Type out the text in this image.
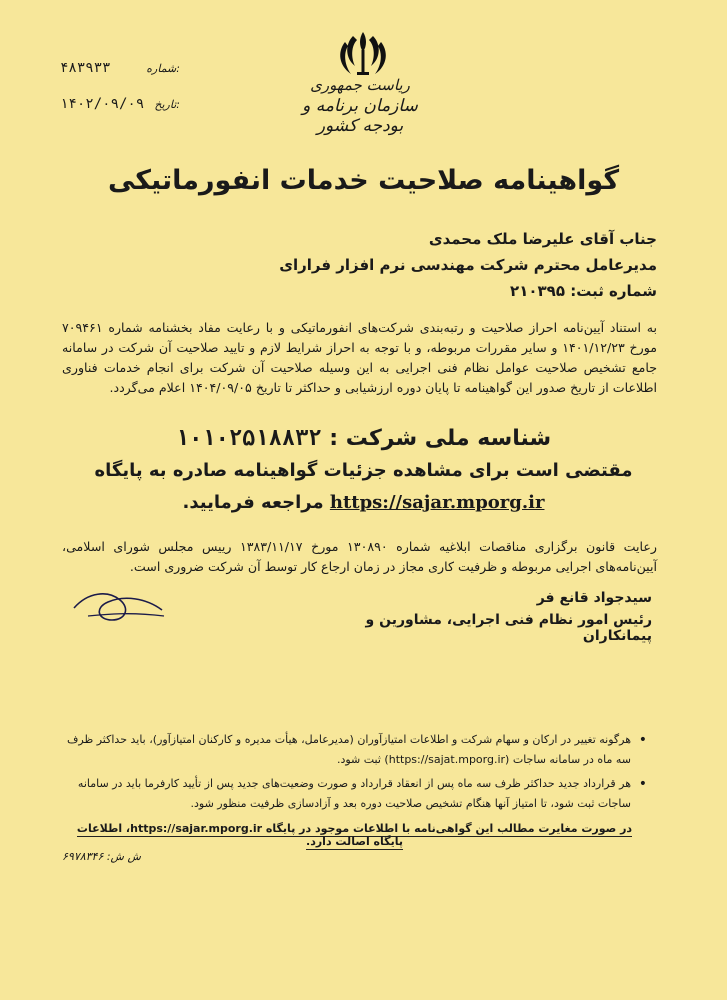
۴۸۳۹۳۳	شماره:
۱۴۰۲/۰۹/۰۹ تاریخ:
ریاست جمهوری
سازمان برنامه و بودجه کشور
گواهینامه صلاحیت خدمات انفورماتیکی
جناب آقای علیرضا ملک محمدی
مدیرعامل محترم شرکت مهندسی نرم افزار فرارای
شماره ثبت: ۲۱۰۳۹۵
به استناد آیین‌نامه احراز صلاحیت و رتبه‌بندی شرکت‌های انفورماتیکی و با رعایت مفاد بخشنامه شماره ۷۰۹۴۶۱ مورخ ۱۴۰۱/۱۲/۲۳ و سایر مقررات مربوطه، و با توجه به احراز شرایط لازم و تایید صلاحیت آن شرکت در سامانه جامع تشخیص صلاحیت عوامل نظام فنی اجرایی به این وسیله صلاحیت آن شرکت برای انجام خدمات فناوری اطلاعات از تاریخ صدور این گواهینامه تا پایان دوره ارزشیابی و حداکثر تا تاریخ ۱۴۰۴/۰۹/۰۵ اعلام می‌گردد.
شناسه ملی شرکت : ۱۰۱۰۲۵۱۸۸۳۲
مقتضی است برای مشاهده جزئیات گواهینامه صادره به پایگاه
https://sajar.mporg.ir مراجعه فرمایید.
رعایت قانون برگزاری مناقصات ابلاغیه شماره ۱۳۰۸۹۰ مورخ ۱۳۸۳/۱۱/۱۷ رییس مجلس شورای اسلامی، آیین‌نامه‌های اجرایی مربوطه و ظرفیت کاری مجاز در زمان ارجاع کار توسط آن شرکت ضروری است.
سیدجواد قانع فر
رئیس امور نظام فنی اجرایی، مشاورین و پیمانکاران
•
هرگونه تغییر در ارکان و سهام شرکت و اطلاعات امتیازآوران (مدیرعامل، هیأت مدیره و کارکنان امتیازآور)، باید حداکثر ظرف سه ماه در سامانه ساجات (https://sajat.mporg.ir) ثبت شود.
•
هر قرارداد جدید حداکثر ظرف سه ماه پس از انعقاد قرارداد و صورت وضعیت‌های جدید پس از تأیید کارفرما باید در سامانه ساجات ثبت شود، تا امتیاز آنها هنگام تشخیص صلاحیت دوره بعد و آزادسازی ظرفیت منظور شود.
در صورت مغایرت مطالب این گواهی‌نامه با اطلاعات موجود در پایگاه https://sajar.mporg.ir، اطلاعات پایگاه اصالت دارد.
ش ش: ۶۹۷۸۳۴۶
